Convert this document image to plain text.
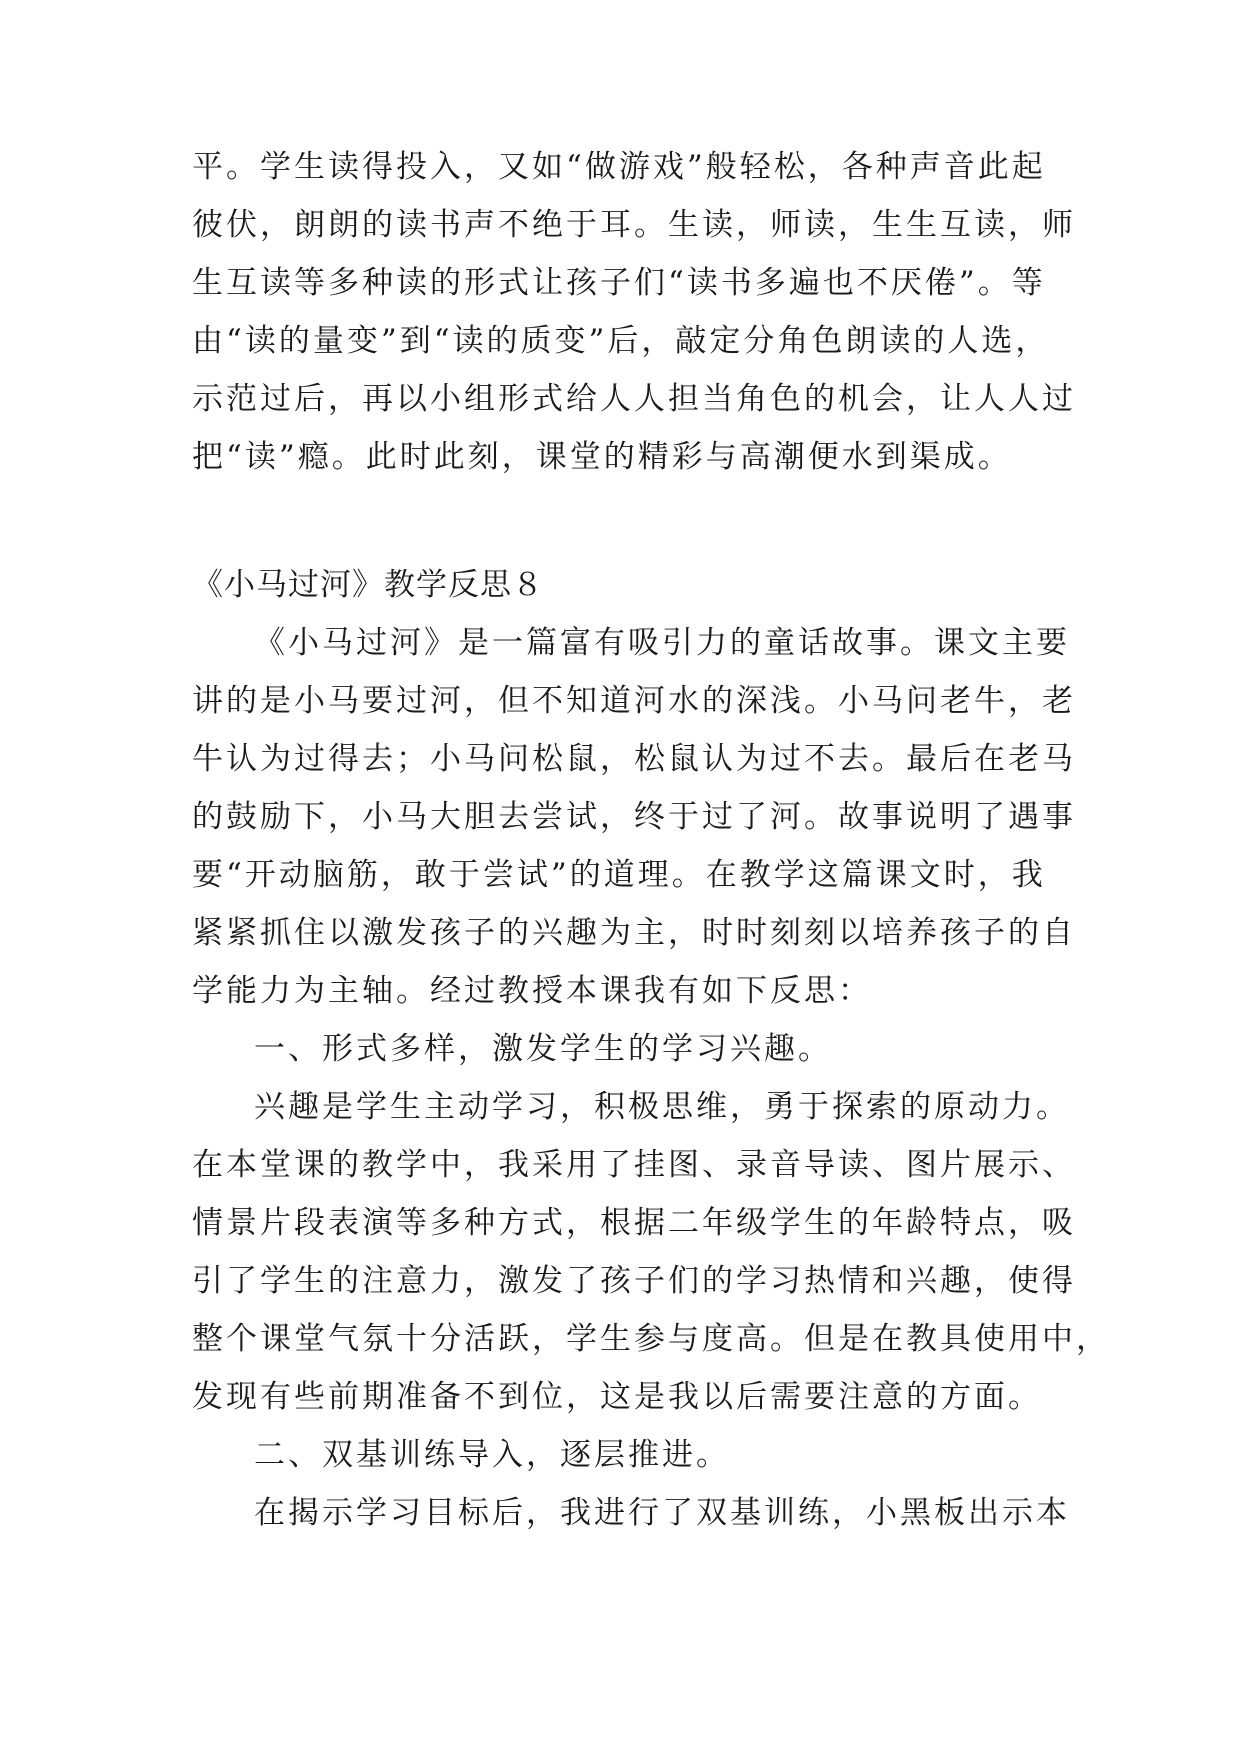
平。学生读得投入，又如“做游戏”般轻松，各种声音此起
彼伏，朗朗的读书声不绝于耳。生读，师读，生生互读，师
生互读等多种读的形式让孩子们“读书多遍也不厌倦”。等
由“读的量变”到“读的质变”后，敲定分角色朗读的人选，
示范过后，再以小组形式给人人担当角色的机会，让人人过
把“读”瘾。此时此刻，课堂的精彩与高潮便水到渠成。
《小马过河》教学反思８
《小马过河》是一篇富有吸引力的童话故事。课文主要
讲的是小马要过河，但不知道河水的深浅。小马问老牛，老
牛认为过得去；小马问松鼠，松鼠认为过不去。最后在老马
的鼓励下，小马大胆去尝试，终于过了河。故事说明了遇事
要“开动脑筋，敢于尝试”的道理。在教学这篇课文时，我
紧紧抓住以激发孩子的兴趣为主，时时刻刻以培养孩子的自
学能力为主轴。经过教授本课我有如下反思：
一、形式多样，激发学生的学习兴趣。
兴趣是学生主动学习，积极思维，勇于探索的原动力。
在本堂课的教学中，我采用了挂图、录音导读、图片展示、
情景片段表演等多种方式，根据二年级学生的年龄特点，吸
引了学生的注意力，激发了孩子们的学习热情和兴趣，使得
整个课堂气氛十分活跃，学生参与度高。但是在教具使用中，
发现有些前期准备不到位，这是我以后需要注意的方面。
二、双基训练导入，逐层推进。
在揭示学习目标后，我进行了双基训练，小黑板出示本
